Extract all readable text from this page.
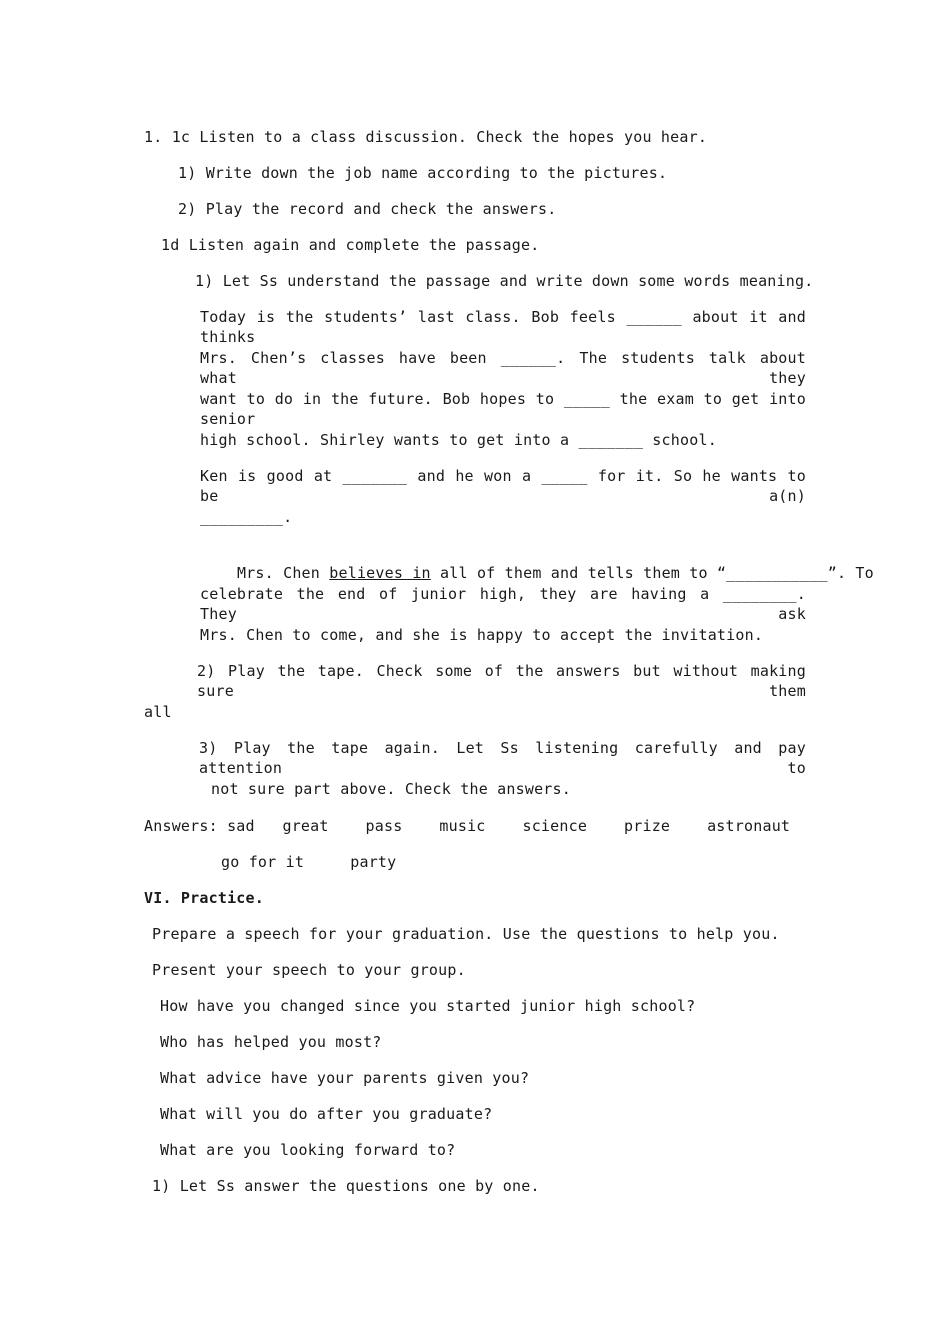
1. 1c Listen to a class discussion. Check the hopes you hear.
1) Write down the job name according to the pictures.
2) Play the record and check the answers.
1d Listen again and complete the passage.
1) Let Ss understand the passage and write down some words meaning.
Today is the students’ last class. Bob feels ______ about it and thinks
Mrs. Chen’s classes have been ______. The students talk about what they
want to do in the future. Bob hopes to _____ the exam to get into senior
high school. Shirley wants to get into a _______ school.
Ken is good at _______ and he won a _____ for it. So he wants to be a(n)
_________.

Mrs. Chen believes in all of them and tells them to “___________”. To

celebrate the end of junior high, they are having a ________. They ask
Mrs. Chen to come, and she is happy to accept the invitation.
2) Play the tape. Check some of the answers but without making sure them
all
3) Play the tape again. Let Ss listening carefully and pay attention to
not sure part above. Check the answers.
Answers: sad   great    pass    music    science    prize    astronaut
go for it     party
VI. Practice.
Prepare a speech for your graduation. Use the questions to help you.
Present your speech to your group.
How have you changed since you started junior high school?
Who has helped you most?
What advice have your parents given you?
What will you do after you graduate?
What are you looking forward to?
1) Let Ss answer the questions one by one.
